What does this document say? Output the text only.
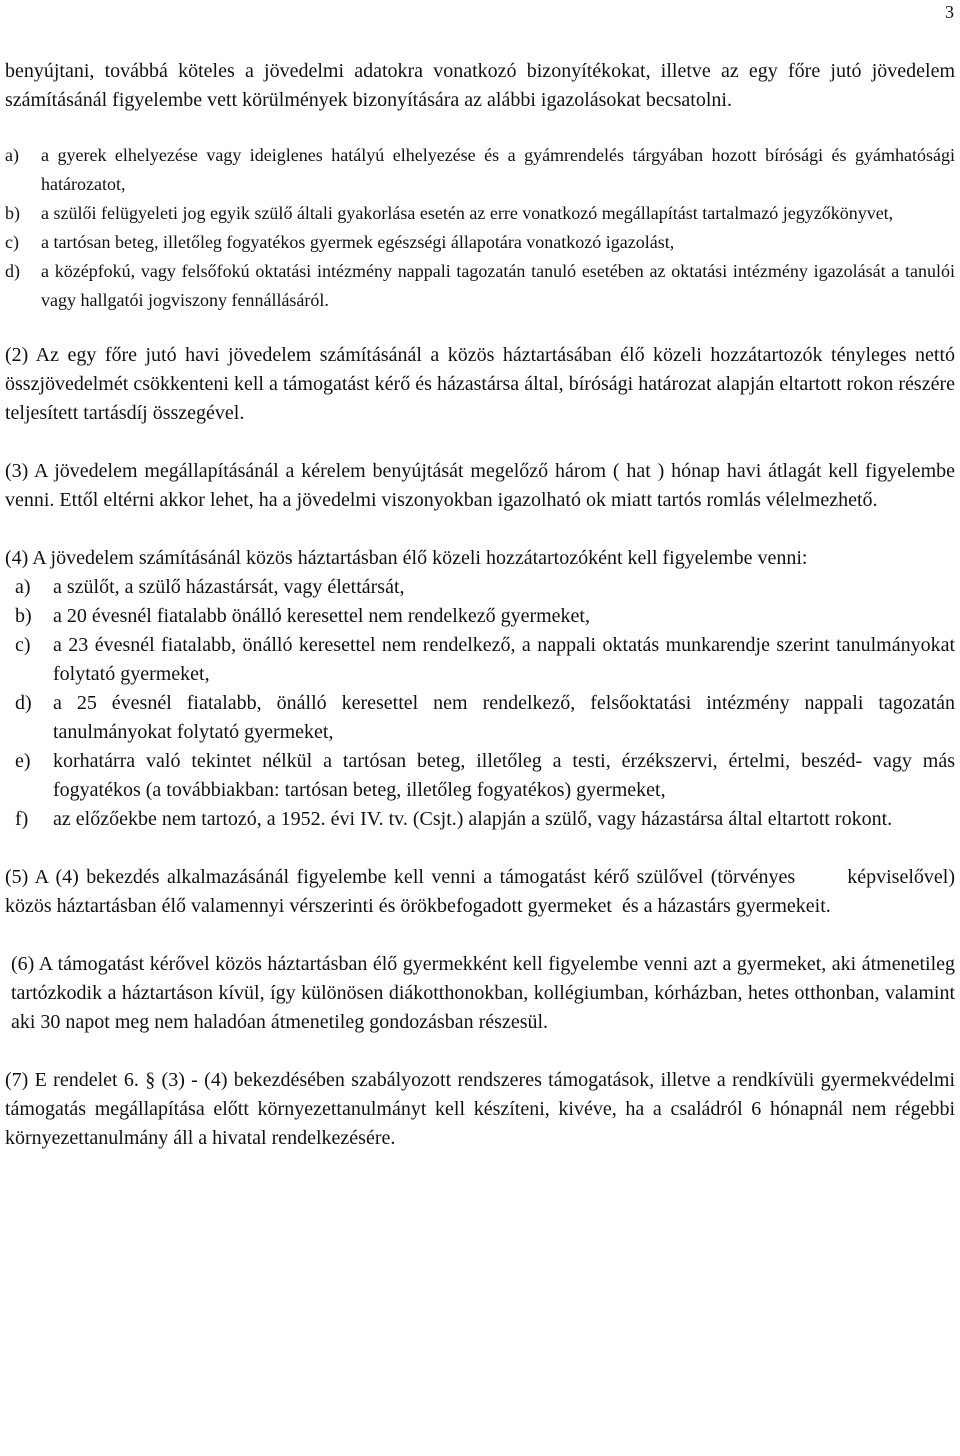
3

benyújtani, továbbá köteles a jövedelmi adatokra vonatkozó bizonyítékokat, illetve az egy főre jutó jövedelem számításánál figyelembe vett körülmények bizonyítására az alábbi igazolásokat becsatolni.

a) a gyerek elhelyezése vagy ideiglenes hatályú elhelyezése és a gyámrendelés tárgyában hozott bírósági és gyámhatósági határozatot,
b) a szülői felügyeleti jog egyik szülő általi gyakorlása esetén az erre vonatkozó megállapítást tartalmazó jegyzőkönyvet,
c) a tartósan beteg, illetőleg fogyatékos gyermek egészségi állapotára vonatkozó igazolást,
d) a középfokú, vagy felsőfokú oktatási intézmény nappali tagozatán tanuló esetében az oktatási intézmény igazolását a tanulói vagy hallgatói jogviszony fennállásáról.

(2) Az egy főre jutó havi jövedelem számításánál a közös háztartásában élő közeli hozzátartozók tényleges nettó összjövedelmét csökkenteni kell a támogatást kérő és házastársa által, bírósági határozat alapján eltartott rokon részére teljesített tartásdíj összegével.

(3) A jövedelem megállapításánál a kérelem benyújtását megelőző három ( hat ) hónap havi átlagát kell figyelembe venni. Ettől eltérni akkor lehet, ha a jövedelmi viszonyokban igazolható ok miatt tartós romlás vélelmezhető.

(4) A jövedelem számításánál közös háztartásban élő közeli hozzátartozóként kell figyelembe venni:

a) a szülőt, a szülő házastársát, vagy élettársát,
b) a 20 évesnél fiatalabb önálló keresettel nem rendelkező gyermeket,
c) a 23 évesnél fiatalabb, önálló keresettel nem rendelkező, a nappali oktatás munkarendje szerint tanulmányokat folytató gyermeket,
d) a 25 évesnél fiatalabb, önálló keresettel nem rendelkező, felsőoktatási intézmény nappali tagozatán tanulmányokat folytató gyermeket,
e) korhatárra való tekintet nélkül a tartósan beteg, illetőleg a testi, érzékszervi, értelmi, beszéd- vagy más fogyatékos (a továbbiakban: tartósan beteg, illetőleg fogyatékos) gyermeket,
f) az előzőekbe nem tartozó, a 1952. évi IV. tv. (Csjt.) alapján a szülő, vagy házastársa által eltartott rokont.

(5) A (4) bekezdés alkalmazásánál figyelembe kell venni a támogatást kérő szülővel (törvényes       képviselővel) közös háztartásban élő valamennyi vérszerinti és örökbefogadott gyermeket  és a házastárs gyermekeit.

(6) A támogatást kérővel közös háztartásban élő gyermekként kell figyelembe venni azt a gyermeket, aki átmenetileg tartózkodik a háztartáson kívül, így különösen diákotthonokban, kollégiumban, kórházban, hetes otthonban, valamint aki 30 napot meg nem haladóan átmenetileg gondozásban részesül.

(7) E rendelet 6. § (3) - (4) bekezdésében szabályozott rendszeres támogatások, illetve a rendkívüli gyermekvédelmi támogatás megállapítása előtt környezettanulmányt kell készíteni, kivéve, ha a családról 6 hónapnál nem régebbi környezettanulmány áll a hivatal rendelkezésére.
